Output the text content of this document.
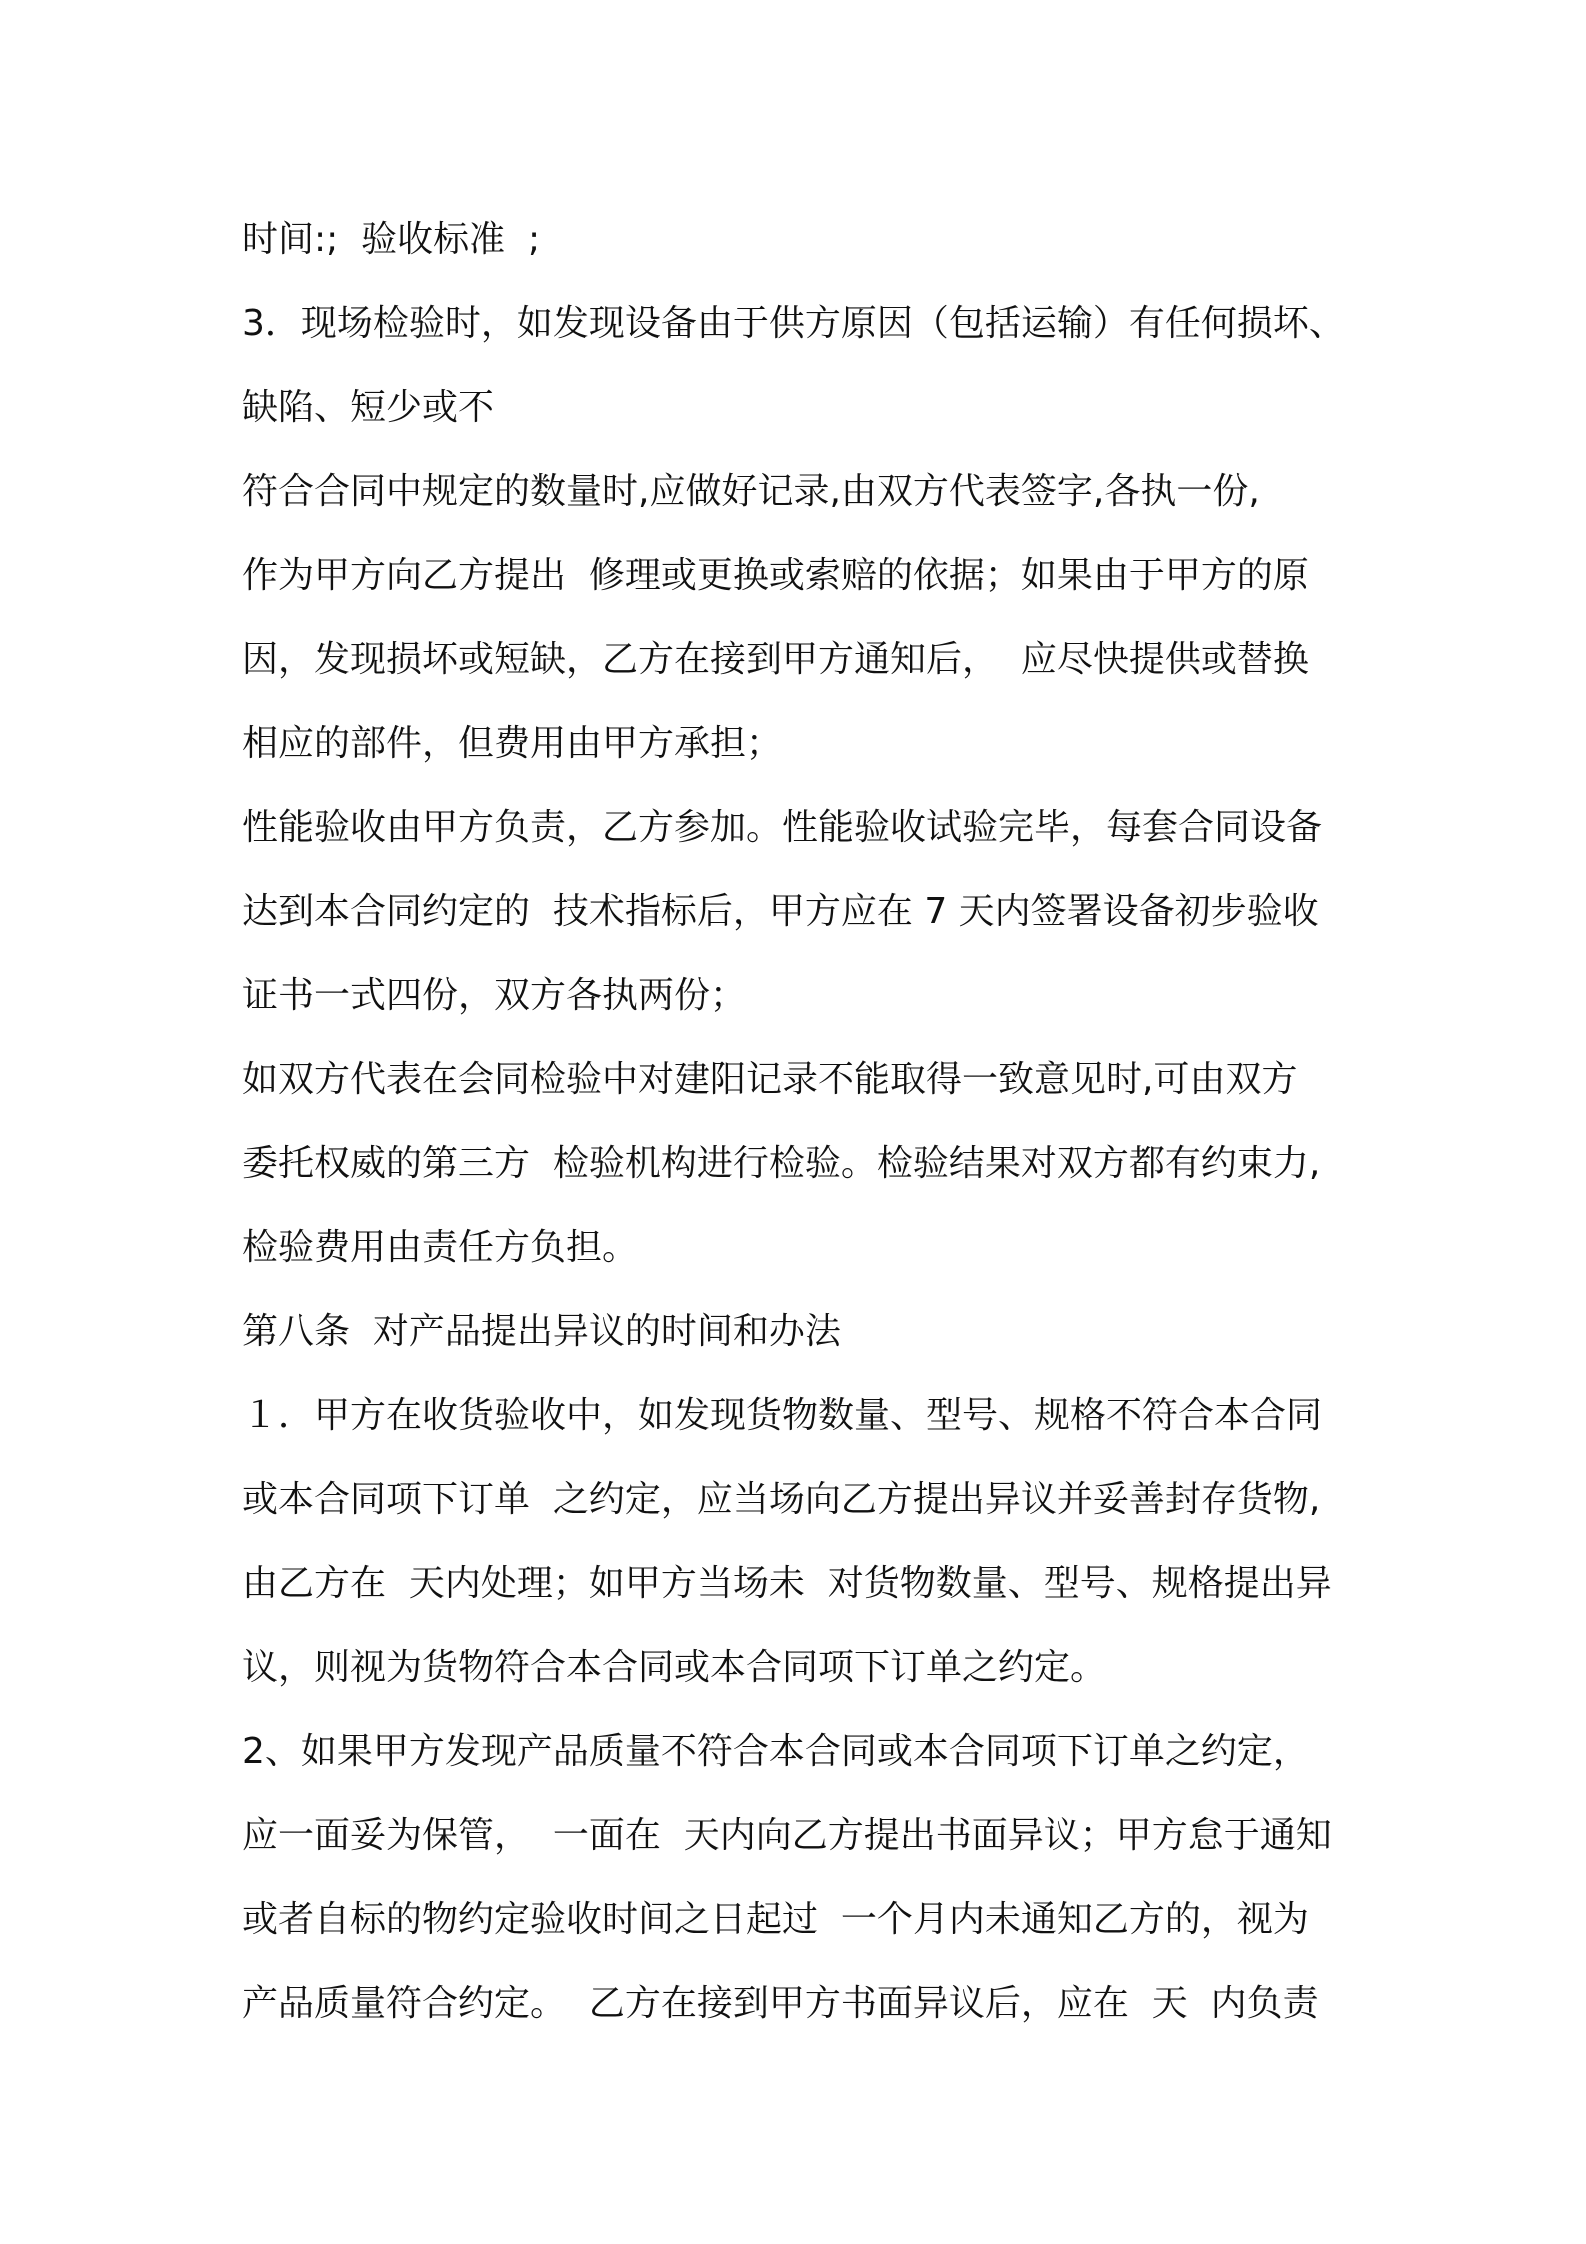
时间:;  验收标准  ;
3．现场检验时，如发现设备由于供方原因（包括运输）有任何损坏、
缺陷、短少或不
符合合同中规定的数量时,应做好记录,由双方代表签字,各执一份,
作为甲方向乙方提出  修理或更换或索赔的依据；如果由于甲方的原
因，发现损坏或短缺，乙方在接到甲方通知后，  应尽快提供或替换
相应的部件，但费用由甲方承担；
性能验收由甲方负责，乙方参加。性能验收试验完毕，每套合同设备
达到本合同约定的  技术指标后，甲方应在 7 天内签署设备初步验收
证书一式四份，双方各执两份；
如双方代表在会同检验中对建阳记录不能取得一致意见时,可由双方
委托权威的第三方  检验机构进行检验。检验结果对双方都有约束力,
检验费用由责任方负担。
第八条  对产品提出异议的时间和办法
１．甲方在收货验收中，如发现货物数量、型号、规格不符合本合同
或本合同项下订单  之约定，应当场向乙方提出异议并妥善封存货物,
由乙方在  天内处理；如甲方当场未  对货物数量、型号、规格提出异
议，则视为货物符合本合同或本合同项下订单之约定。
2、如果甲方发现产品质量不符合本合同或本合同项下订单之约定，
应一面妥为保管，  一面在  天内向乙方提出书面异议；甲方怠于通知
或者自标的物约定验收时间之日起过  一个月内未通知乙方的，视为
产品质量符合约定。  乙方在接到甲方书面异议后，应在  天  内负责
